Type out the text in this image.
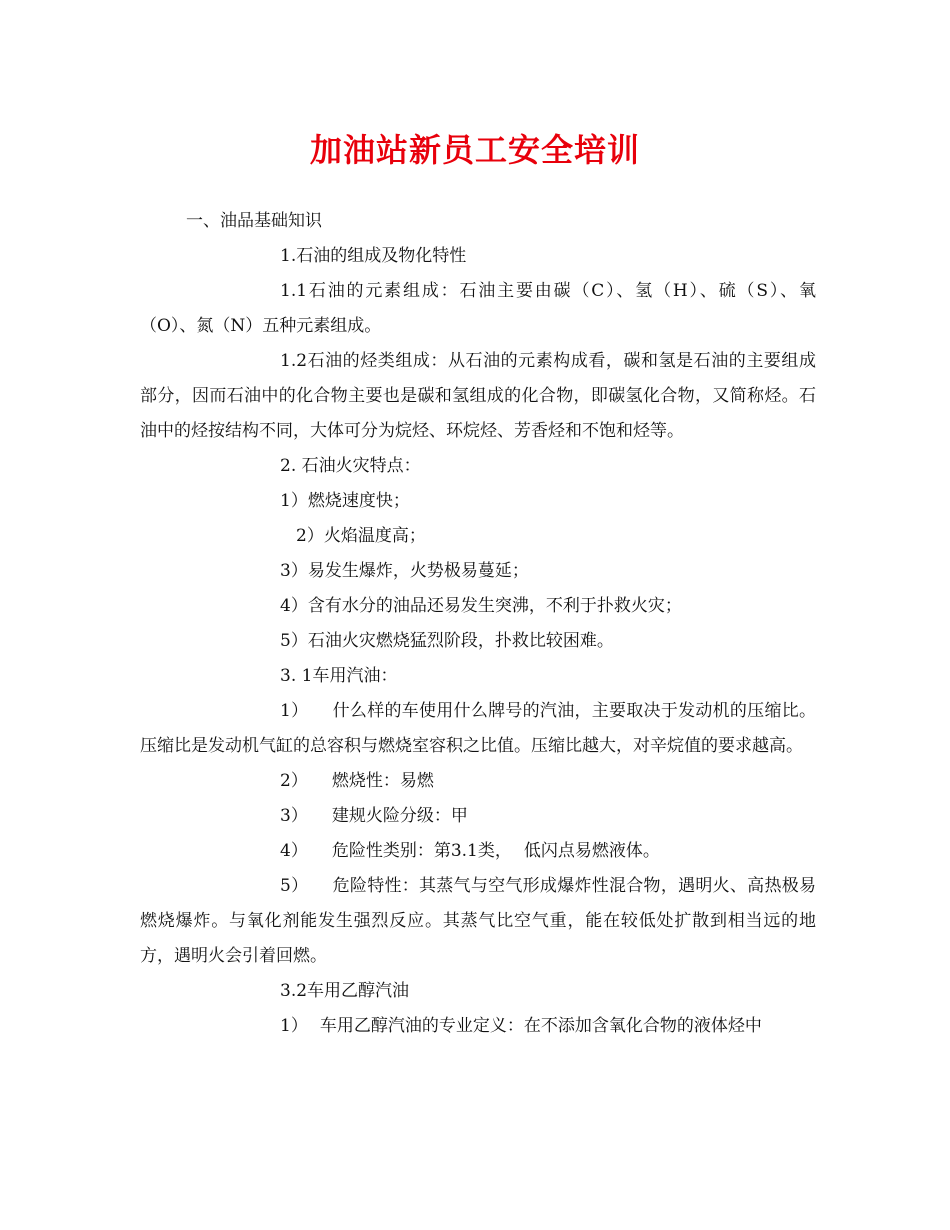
加油站新员工安全培训

一、油品基础知识

1.石油的组成及物化特性

1.1石油的元素组成：石油主要由碳（C）、氢（H）、硫（S）、氧（O）、氮（N）五种元素组成。

1.2石油的烃类组成：从石油的元素构成看，碳和氢是石油的主要组成部分，因而石油中的化合物主要也是碳和氢组成的化合物，即碳氢化合物，又简称烃。石油中的烃按结构不同，大体可分为烷烃、环烷烃、芳香烃和不饱和烃等。

2. 石油火灾特点：

1）燃烧速度快；

2）火焰温度高；

3）易发生爆炸，火势极易蔓延；

4）含有水分的油品还易发生突沸，不利于扑救火灾；

5）石油火灾燃烧猛烈阶段，扑救比较困难。

3. 1车用汽油：

1） 什么样的车使用什么牌号的汽油，主要取决于发动机的压缩比。压缩比是发动机气缸的总容积与燃烧室容积之比值。压缩比越大，对辛烷值的要求越高。

2） 燃烧性：易燃

3） 建规火险分级：甲

4） 危险性类别：第3.1类， 低闪点易燃液体。

5） 危险特性：其蒸气与空气形成爆炸性混合物，遇明火、高热极易燃烧爆炸。与氧化剂能发生强烈反应。其蒸气比空气重，能在较低处扩散到相当远的地方，遇明火会引着回燃。

3.2车用乙醇汽油

1） 车用乙醇汽油的专业定义：在不添加含氧化合物的液体烃中
